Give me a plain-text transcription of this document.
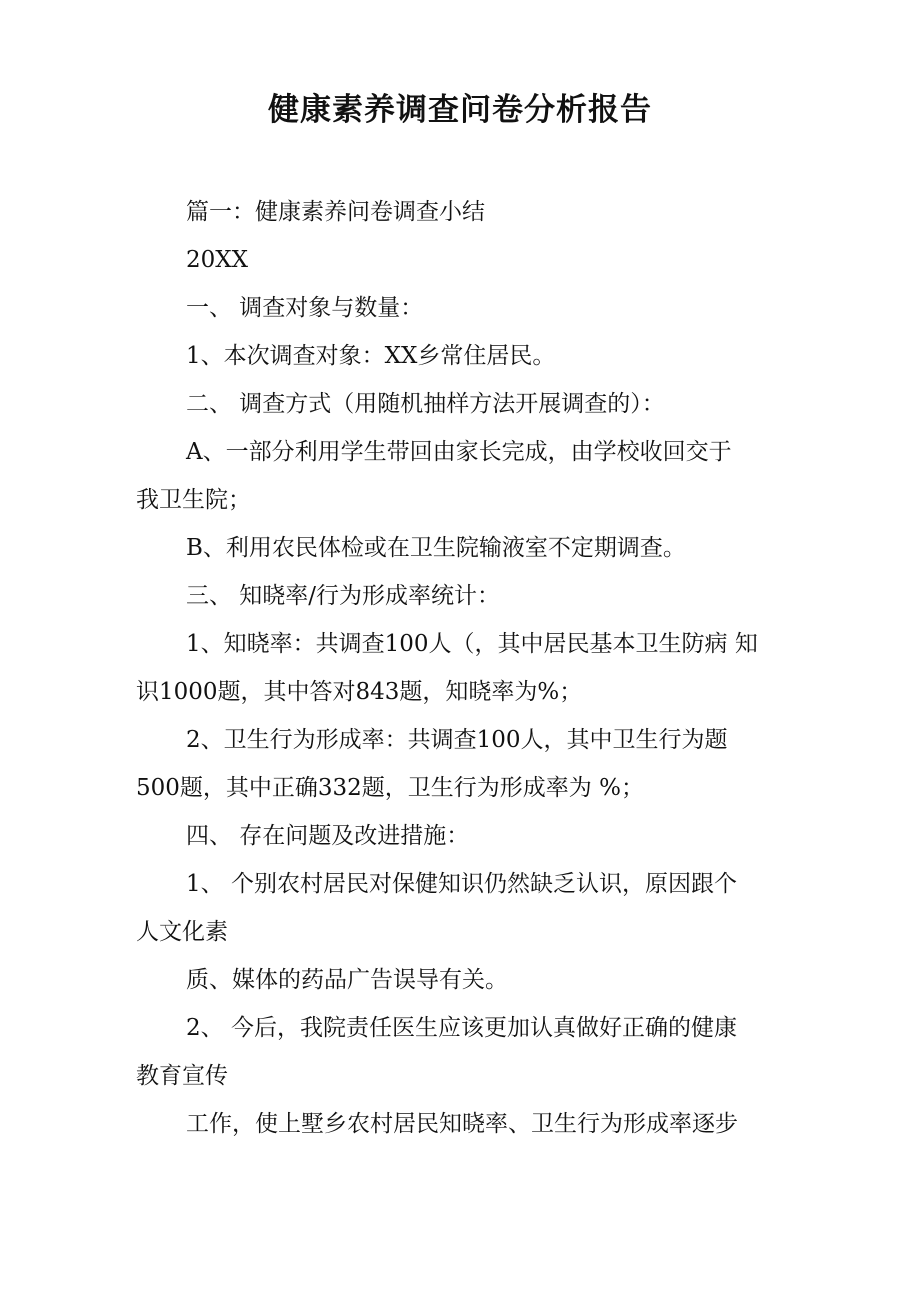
健康素养调查问卷分析报告

篇一：健康素养问卷调查小结

20XX

一、 调查对象与数量：

1、本次调查对象：XX乡常住居民。

二、 调查方式（用随机抽样方法开展调查的）：

A、一部分利用学生带回由家长完成，由学校收回交于

我卫生院；

B、利用农民体检或在卫生院输液室不定期调查。

三、 知晓率/行为形成率统计：

1、知晓率：共调查100人（，其中居民基本卫生防病 知

识1000题，其中答对843题，知晓率为%；

2、卫生行为形成率：共调查100人，其中卫生行为题

500题，其中正确332题，卫生行为形成率为 %；

四、 存在问题及改进措施：

1、 个别农村居民对保健知识仍然缺乏认识，原因跟个

人文化素

质、媒体的药品广告误导有关。

2、 今后，我院责任医生应该更加认真做好正确的健康

教育宣传

工作，使上墅乡农村居民知晓率、卫生行为形成率逐步
